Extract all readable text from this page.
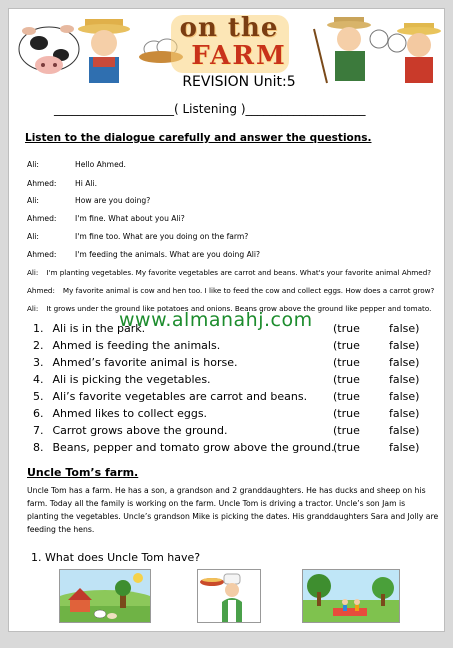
on the
FARM
REVISION Unit:5
____________________( Listening )____________________
Listen to the dialogue carefully and answer the questions.
Ali:	Hello Ahmed.
Ahmed: Hi Ali.
Ali:	How are you doing?
Ahmed: I'm fine. What about you Ali?
Ali:	I'm fine too. What are you doing on the farm?
Ahmed: I'm feeding the animals. What are you doing Ali?
Ali: I'm planting vegetables. My favorite vegetables are carrot and beans. What's your favorite animal Ahmed?
Ahmed: My favorite animal is cow and hen too. I like to feed the cow and collect eggs. How does a carrot grow?
Ali: It grows under the ground like potatoes and onions. Beans grow above the ground like pepper and tomato.
1. Ali is in the park.	(true	false)
2. Ahmed is feeding the animals.	(true	false)
3. Ahmed’s favorite animal is horse.	(true	false)
4. Ali is picking the vegetables.	(true	false)
5. Ali’s favorite vegetables are carrot and beans. (true	false)
6. Ahmed likes to collect eggs.	(true	false)
7. Carrot grows above the ground.	(true	false)
8. Beans, pepper and tomato grow above the ground.
(true	false)
www.almanahj.com
Uncle Tom’s farm.
Uncle Tom has a farm. He has a son, a grandson and 2 granddaughters. He has ducks and sheep on his farm. Today all the family is working on the farm. Uncle Tom is driving a tractor. Uncle’s son Jam is planting the vegetables. Uncle’s grandson Mike is picking the dates. His granddaughters Sara and Jolly are feeding the hens.
1. What does Uncle Tom have?
